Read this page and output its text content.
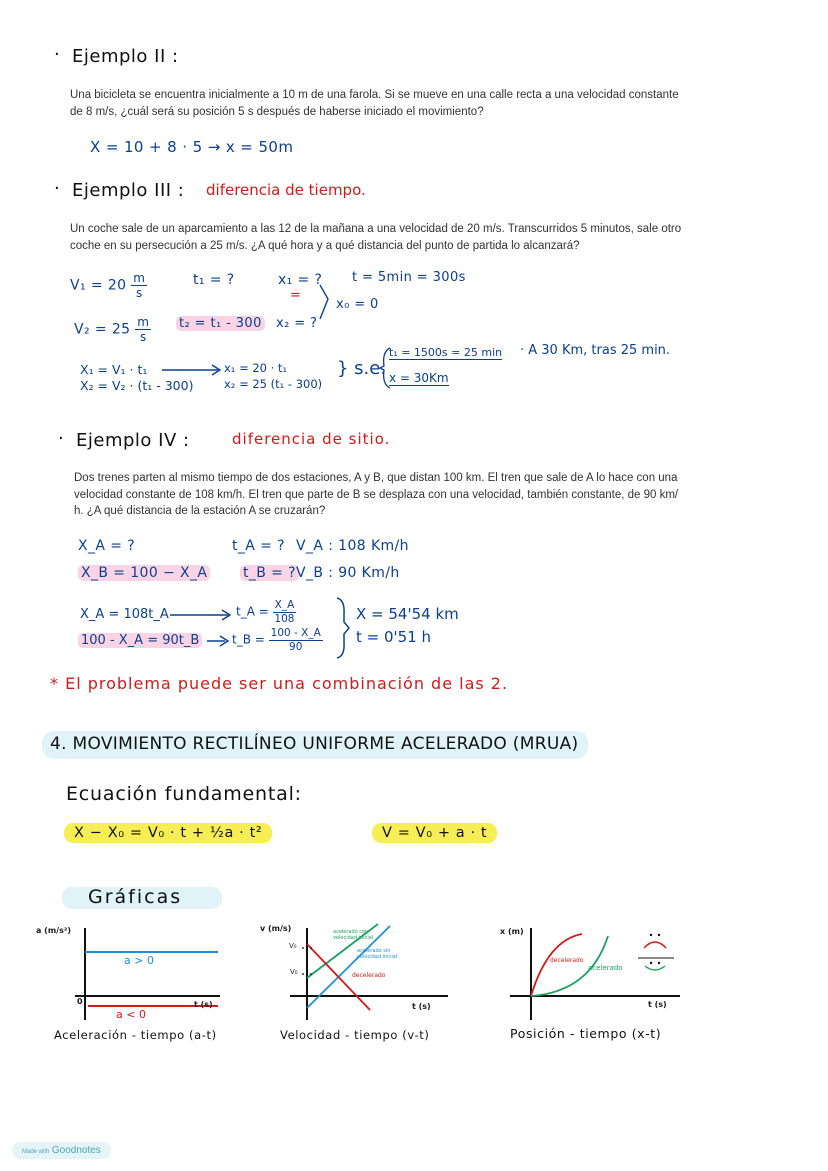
· Ejemplo II :
Una bicicleta se encuentra inicialmente a 10 m de una farola. Si se mueve en una calle recta a una velocidad constante
de 8 m/s, ¿cuál será su posición 5 s después de haberse iniciado el movimiento?
X = 10 + 8 · 5 → x = 50m
· Ejemplo III : diferencia de tiempo.
Un coche sale de un aparcamiento a las 12 de la mañana a una velocidad de 20 m/s. Transcurridos 5 minutos, sale otro
coche en su persecución a 25 m/s. ¿A qué hora y a qué distancia del punto de partida lo alcanzará?
$V_1 = 20 \frac{m}{s}$	t₁ = ?	x₁ = ?
=
t = 5min = 300s
x₀ = 0
$V_2 = 25 \frac{m}{s} t_2 = t_1 - 300$ x₂ = ?
X₁ = V₁ · t₁
X₂ = V₂ · (t₁ - 300)
x₁ = 20 · t₁
x₂ = 25 (t₁ - 300)
} s.e.
t₁ = 1500s = 25 min
x = 30Km
· A 30 Km, tras 25 min.
· Ejemplo IV :	diferencia de sitio.
Dos trenes parten al mismo tiempo de dos estaciones, A y B, que distan 100 km. El tren que sale de A lo hace con una
velocidad constante de 108 km/h. El tren que parte de B se desplaza con una velocidad, también constante, de 90 km/
h. ¿A qué distancia de la estación A se cruzarán?
X_A = ?
X_B = 100 − X_A
t_A = ?
t_B = ?
V_A : 108 Km/h
V_B : 90 Km/h
X_A = 108t_A	t_A = $\frac{X\_A}{108}$
100 - X_A = 90t_B	t_B = $\frac{100 - X\_A}{90}$
X = 54'54 km
t = 0'51 h
* El problema puede ser una combinación de las 2.
4. MOVIMIENTO RECTILÍNEO UNIFORME ACELERADO (MRUA)
Ecuación fundamental:
X − X₀ = V₀ · t + ½a · t²	V = V₀ + a · t
Gráficas
a (m/s²)
t (s)
0
a > 0
a < 0
Aceleración - tiempo (a-t)
v (m/s)
t (s)
V₀
V₀
acelerado con velocidad inicial
acelerado sin velocidad inicial
decelerado
Velocidad - tiempo (v-t)
x (m)
t (s)
decelerado
acelerado
Posición - tiempo (x-t)
Made with Goodnotes
